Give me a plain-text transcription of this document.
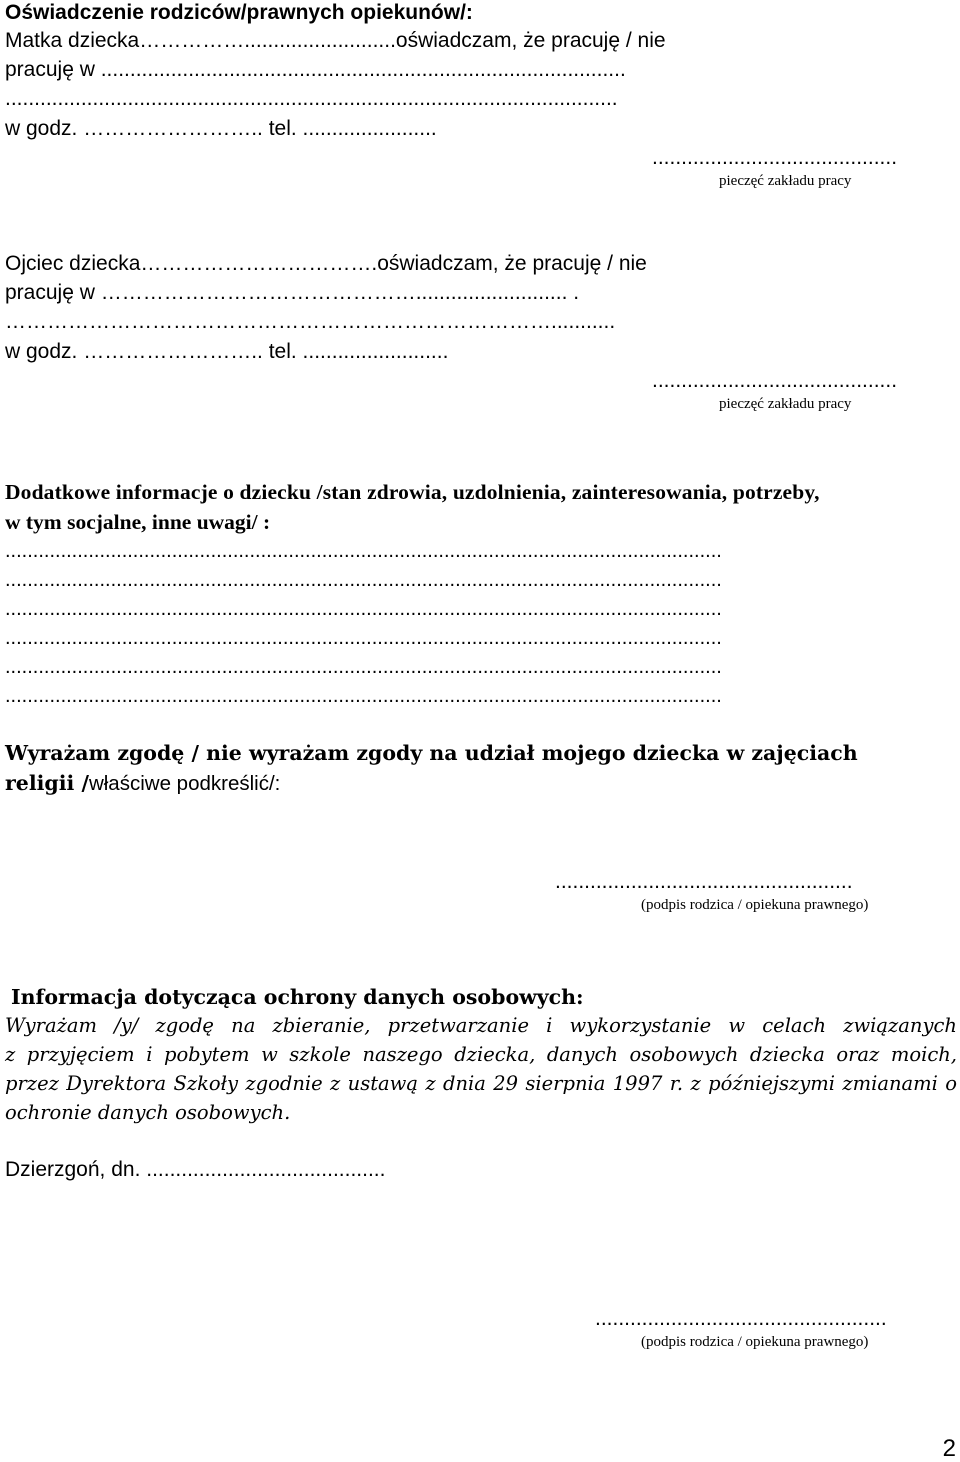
Oświadczenie rodziców/prawnych opiekunów/:
Matka dziecka……………..........................oświadczam, że pracuję / nie
pracuję w ..........................................................................................
.........................................................................................................
w godz. …………………….. tel. .......................
..........................................
pieczęć zakładu pracy
Ojciec dziecka…………………………….oświadczam, że pracuję / nie
pracuję w ……………………………………….......................... .
……………………………………………………………………...........
w godz. …………………….. tel. .........................
..........................................
pieczęć zakładu pracy
Dodatkowe informacje o dziecku /stan zdrowia, uzdolnienia, zainteresowania, potrzeby,
w tym socjalne, inne uwagi/ :
.................................................................................................................................
.................................................................................................................................
.................................................................................................................................
.................................................................................................................................
.................................................................................................................................
.................................................................................................................................
Wyrażam zgodę / nie wyrażam zgody na udział mojego dziecka w zajęciach
religii /właściwe podkreślić/:
...................................................
(podpis rodzica / opiekuna prawnego)
Informacja dotycząca ochrony danych osobowych:
Wyrażam /y/ zgodę na zbieranie, przetwarzanie i wykorzystanie w celach związanych
z przyjęciem i pobytem w szkole naszego dziecka, danych osobowych dziecka oraz moich,
przez Dyrektora Szkoły zgodnie z ustawą z dnia 29 sierpnia 1997 r. z późniejszymi zmianami o
ochronie danych osobowych.
Dzierzgoń, dn. .........................................
..................................................
(podpis rodzica / opiekuna prawnego)
2
